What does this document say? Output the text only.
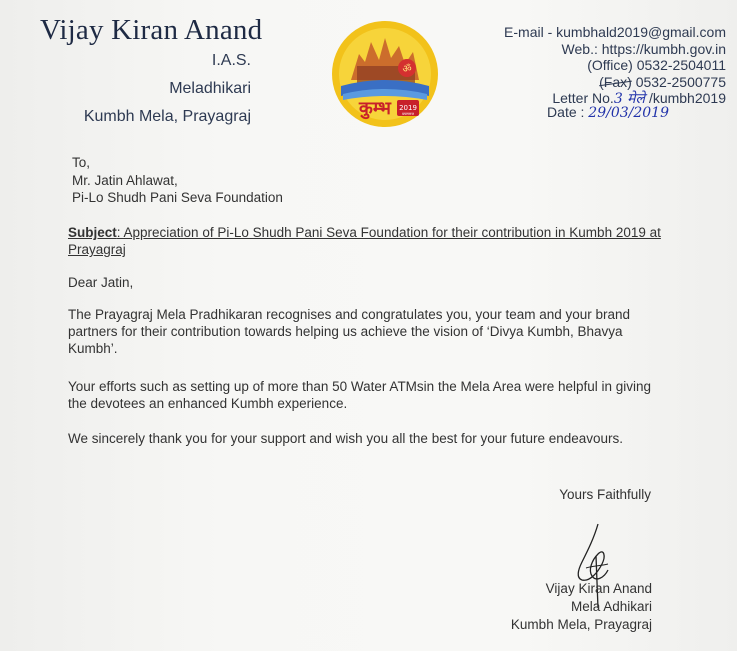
Vijay Kiran Anand
I.A.S.
Meladhikari
Kumbh Mela, Prayagraj
ॐ
कुम्भ 2019
प्रयागराज
E-mail - kumbhald2019@gmail.com
Web.: https://kumbh.gov.in
(Office) 0532-2504011
(Fax) 0532-2500775
Letter No.3 मेले /kumbh2019
Date : 29/03/2019
To,
Mr. Jatin Ahlawat,
Pi-Lo Shudh Pani Seva Foundation
Subject: Appreciation of Pi-Lo Shudh Pani Seva Foundation for their contribution in Kumbh 2019 at Prayagraj
Dear Jatin,
The Prayagraj Mela Pradhikaran recognises and congratulates you, your team and your brand partners for their contribution towards helping us achieve the vision of ‘Divya Kumbh, Bhavya Kumbh’.
Your efforts such as setting up of more than 50 Water ATMsin the Mela Area were helpful in giving the devotees an enhanced Kumbh experience.
We sincerely thank you for your support and wish you all the best for your future endeavours.
Yours Faithfully
Vijay Kiran Anand
Mela Adhikari
Kumbh Mela, Prayagraj
